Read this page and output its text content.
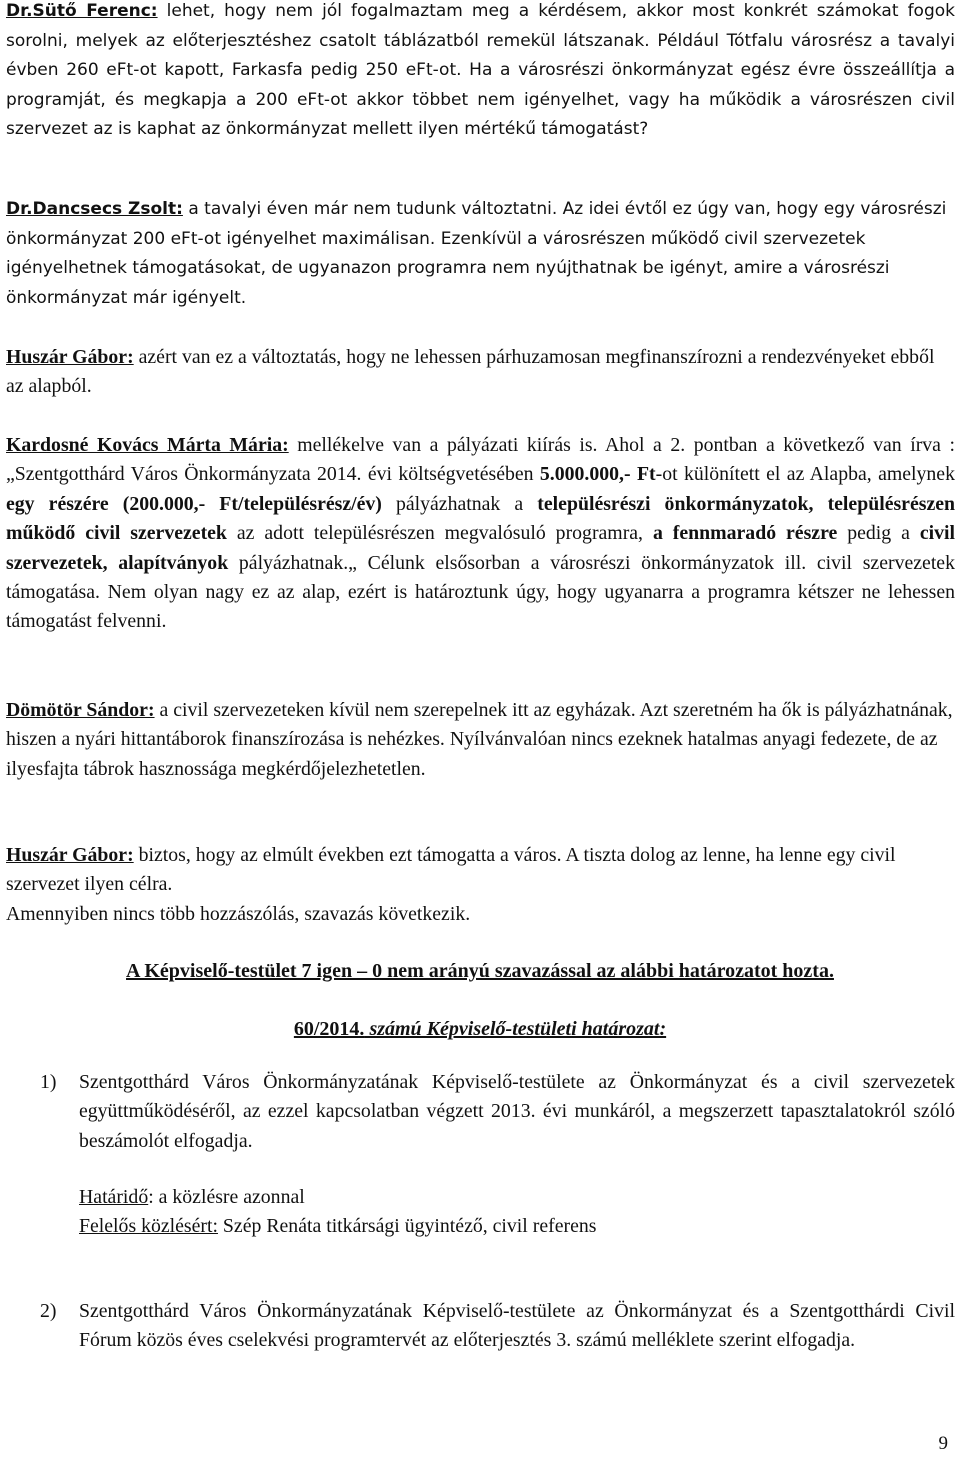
Dr.Sütő Ferenc: lehet, hogy nem jól fogalmaztam meg a kérdésem, akkor most konkrét számokat fogok sorolni, melyek az előterjesztéshez csatolt táblázatból remekül látszanak. Például Tótfalu városrész a tavalyi évben 260 eFt-ot kapott, Farkasfa pedig 250 eFt-ot. Ha a városrészi önkormányzat egész évre összeállítja a programját, és megkapja a 200 eFt-ot akkor többet nem igényelhet, vagy ha működik a városrészen civil szervezet az is kaphat az önkormányzat mellett ilyen mértékű támogatást?

Dr.Dancsecs Zsolt: a tavalyi éven már nem tudunk változtatni. Az idei évtől ez úgy van, hogy egy városrészi önkormányzat 200 eFt-ot igényelhet maximálisan. Ezenkívül a városrészen működő civil szervezetek igényelhetnek támogatásokat, de ugyanazon programra nem nyújthatnak be igényt, amire a városrészi önkormányzat már igényelt.

Huszár Gábor: azért van ez a változtatás, hogy ne lehessen párhuzamosan megfinanszírozni a rendezvényeket ebből az alapból.

Kardosné Kovács Márta Mária: mellékelve van a pályázati kiírás is. Ahol a 2. pontban a következő van írva : „Szentgotthárd Város Önkormányzata 2014. évi költségvetésében 5.000.000,- Ft-ot különített el az Alapba, amelynek egy részére (200.000,- Ft/településrész/év) pályázhatnak a településrészi önkormányzatok, településrészen működő civil szervezetek az adott településrészen megvalósuló programra, a fennmaradó részre pedig a civil szervezetek, alapítványok pályázhatnak.„ Célunk elsősorban a városrészi önkormányzatok ill. civil szervezetek támogatása. Nem olyan nagy ez az alap, ezért is határoztunk úgy, hogy ugyanarra a programra kétszer ne lehessen támogatást felvenni.

Dömötör Sándor: a civil szervezeteken kívül nem szerepelnek itt az egyházak. Azt szeretném ha ők is pályázhatnának, hiszen a nyári hittantáborok finanszírozása is nehézkes. Nyílvánvalóan nincs ezeknek hatalmas anyagi fedezete, de az ilyesfajta tábrok hasznossága megkérdőjelezhetetlen.

Huszár Gábor: biztos, hogy az elmúlt években ezt támogatta a város. A tiszta dolog az lenne, ha lenne egy civil szervezet ilyen célra.
Amennyiben nincs több hozzászólás, szavazás következik.

A Képviselő-testület 7 igen – 0 nem arányú szavazással az alábbi határozatot hozta.

60/2014. számú Képviselő-testületi határozat:

1) Szentgotthárd Város Önkormányzatának Képviselő-testülete az Önkormányzat és a civil szervezetek együttműködéséről, az ezzel kapcsolatban végzett 2013. évi munkáról, a megszerzett tapasztalatokról szóló beszámolót elfogadja.

Határidő: a közlésre azonnal

Felelős közlésért: Szép Renáta titkársági ügyintéző, civil referens

2) Szentgotthárd Város Önkormányzatának Képviselő-testülete az Önkormányzat és a Szentgotthárdi Civil Fórum közös éves cselekvési programtervét az előterjesztés 3. számú melléklete szerint elfogadja.
9
